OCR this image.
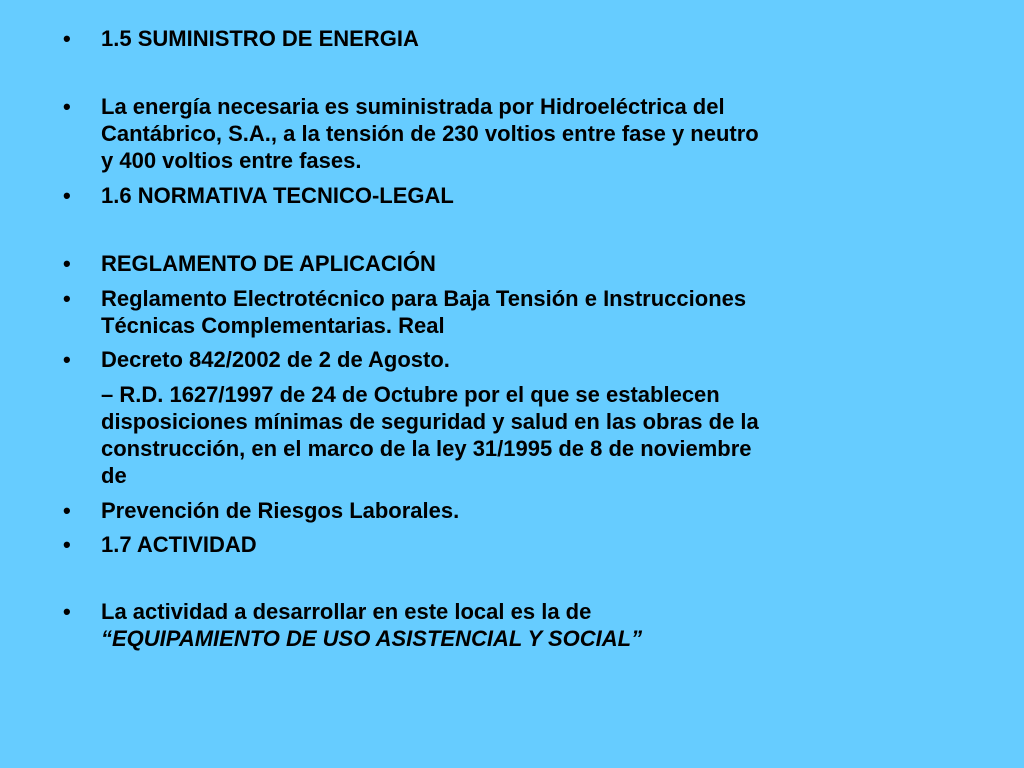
• 1.5 SUMINISTRO DE ENERGIA
• La energía necesaria es suministrada por Hidroeléctrica del
Cantábrico, S.A., a la tensión de 230 voltios entre fase y neutro
y 400 voltios entre fases.
• 1.6 NORMATIVA TECNICO-LEGAL
• REGLAMENTO DE APLICACIÓN
• Reglamento Electrotécnico para Baja Tensión e Instrucciones
Técnicas Complementarias. Real
• Decreto 842/2002 de 2 de Agosto.
– R.D. 1627/1997 de 24 de Octubre por el que se establecen
disposiciones mínimas de seguridad y salud en las obras de la
construcción, en el marco de la ley 31/1995 de 8 de noviembre
de
• Prevención de Riesgos Laborales.
• 1.7 ACTIVIDAD
• La actividad a desarrollar en este local es la de
“EQUIPAMIENTO DE USO ASISTENCIAL Y SOCIAL”
